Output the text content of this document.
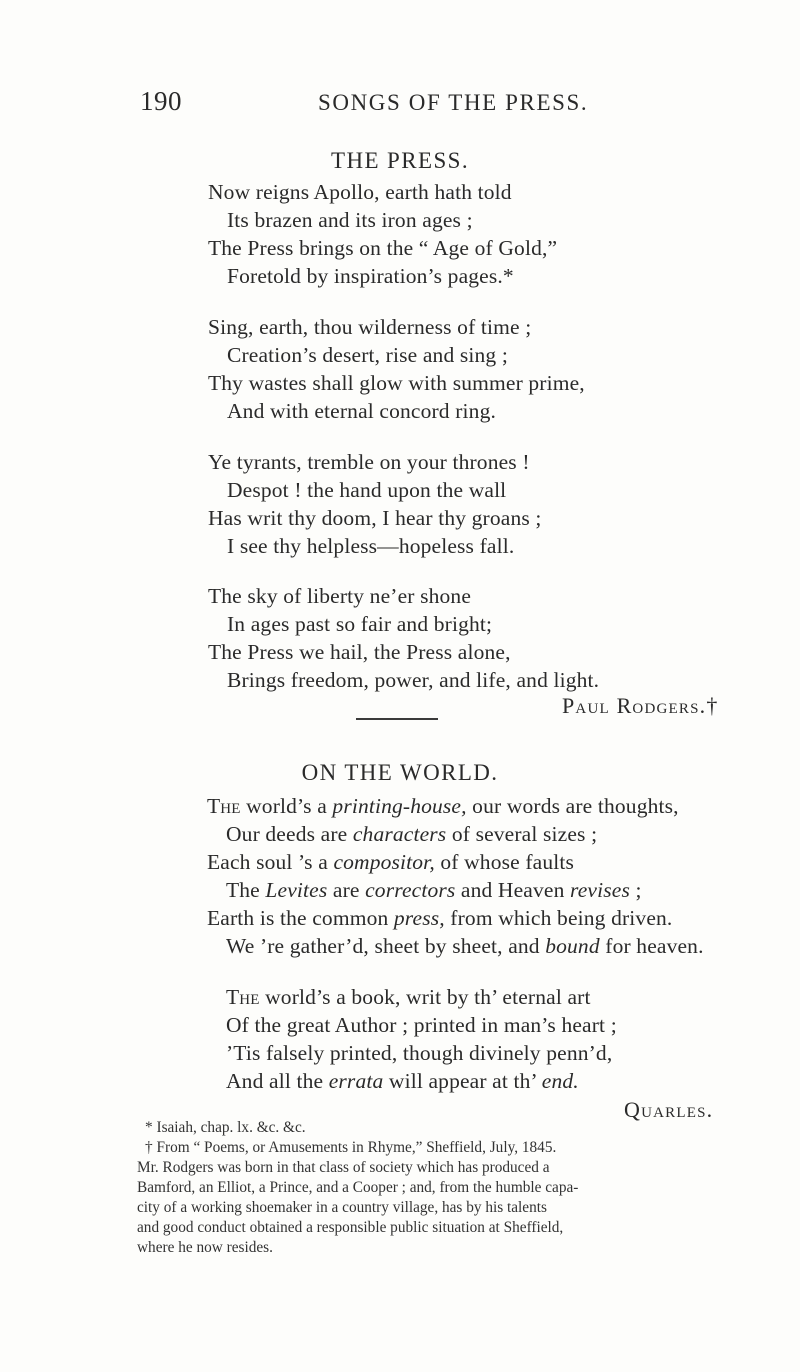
190	SONGS OF THE PRESS.
THE PRESS.
Now reigns Apollo, earth hath told
Its brazen and its iron ages ;
The Press brings on the “ Age of Gold,”
Foretold by inspiration’s pages.*
Sing, earth, thou wilderness of time ;
Creation’s desert, rise and sing ;
Thy wastes shall glow with summer prime,
And with eternal concord ring.
Ye tyrants, tremble on your thrones !
Despot ! the hand upon the wall
Has writ thy doom, I hear thy groans ;
I see thy helpless—hopeless fall.
The sky of liberty ne’er shone
In ages past so fair and bright;
The Press we hail, the Press alone,
Brings freedom, power, and life, and light.
Paul Rodgers.†
ON THE WORLD.
The world’s a printing-house, our words are thoughts,
Our deeds are characters of several sizes ;
Each soul ’s a compositor, of whose faults
The Levites are correctors and Heaven revises ;
Earth is the common press, from which being driven.
We ’re gather’d, sheet by sheet, and bound for heaven.
The world’s a book, writ by th’ eternal art
Of the great Author ; printed in man’s heart ;
’Tis falsely printed, though divinely penn’d,
And all the errata will appear at th’ end.
Quarles.
* Isaiah, chap. lx. &c. &c.
† From “ Poems, or Amusements in Rhyme,” Sheffield, July, 1845.
Mr. Rodgers was born in that class of society which has produced a
Bamford, an Elliot, a Prince, and a Cooper ; and, from the humble capa-
city of a working shoemaker in a country village, has by his talents
and good conduct obtained a responsible public situation at Sheffield,
where he now resides.
